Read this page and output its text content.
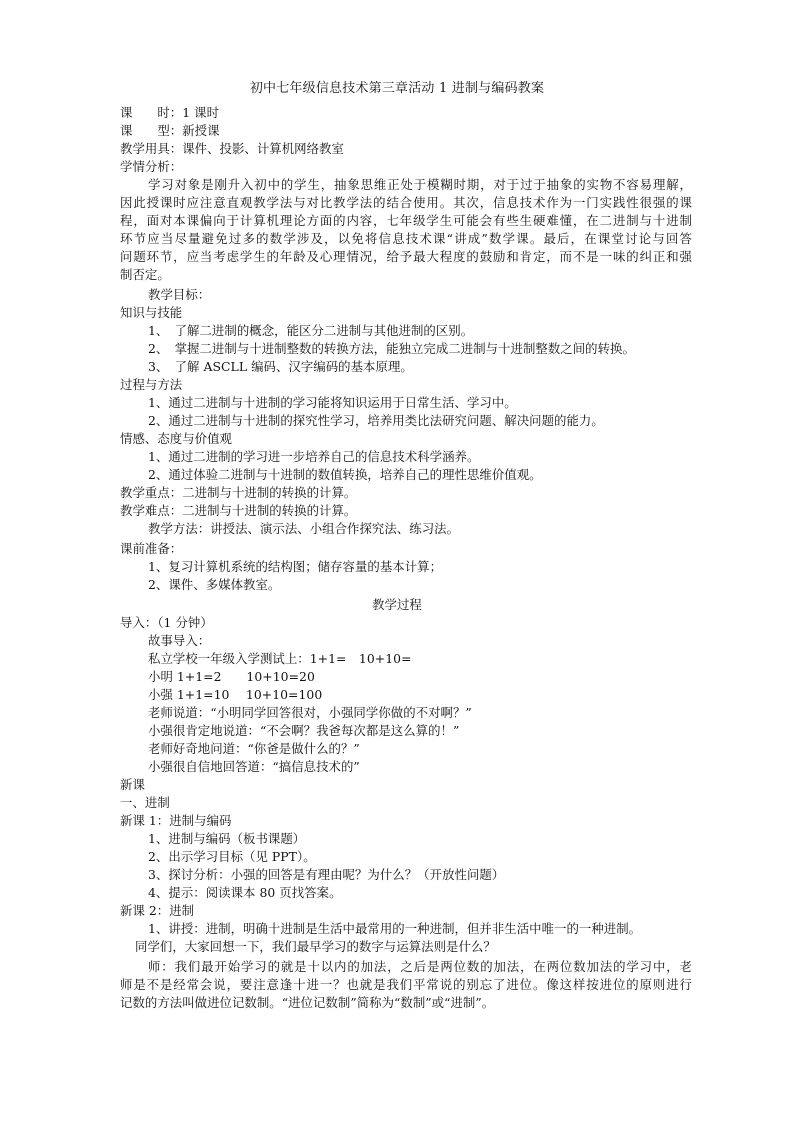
初中七年级信息技术第三章活动 1 进制与编码教案
课　　时：1 课时
课　　型：新授课
教学用具：课件、投影、计算机网络教室
学情分析：
学习对象是刚升入初中的学生，抽象思维正处于模糊时期，对于过于抽象的实物不容易理解，
因此授课时应注意直观教学法与对比教学法的结合使用。其次，信息技术作为一门实践性很强的课
程，面对本课偏向于计算机理论方面的内容，七年级学生可能会有些生硬难懂，在二进制与十进制
环节应当尽量避免过多的数学涉及，以免将信息技术课“讲成”数学课。最后，在课堂讨论与回答
问题环节，应当考虑学生的年龄及心理情况，给予最大程度的鼓励和肯定，而不是一味的纠正和强
制否定。
教学目标：
知识与技能
1、　了解二进制的概念，能区分二进制与其他进制的区别。
2、　掌握二进制与十进制整数的转换方法，能独立完成二进制与十进制整数之间的转换。
3、　了解 ASCLL 编码、汉字编码的基本原理。
过程与方法
1、通过二进制与十进制的学习能将知识运用于日常生活、学习中。
2、通过二进制与十进制的探究性学习，培养用类比法研究问题、解决问题的能力。
情感、态度与价值观
1、通过二进制的学习进一步培养自己的信息技术科学涵养。
2、通过体验二进制与十进制的数值转换，培养自己的理性思维价值观。
教学重点：二进制与十进制的转换的计算。
教学难点：二进制与十进制的转换的计算。
教学方法：讲授法、演示法、小组合作探究法、练习法。
课前准备：
1、复习计算机系统的结构图；储存容量的基本计算；
2、课件、多媒体教室。
教学过程
导入：（1 分钟）
故事导入：
私立学校一年级入学测试上：1+1=　10+10=
小明 1+1=2　　10+10=20
小强 1+1=10　 10+10=100
老师说道：“小明同学回答很对，小强同学你做的不对啊？”
小强很肯定地说道：“不会啊？我爸每次都是这么算的！”
老师好奇地问道：“你爸是做什么的？”
小强很自信地回答道：“搞信息技术的”
新课
一、进制
新课 1：进制与编码
1、进制与编码（板书课题）
2、出示学习目标（见 PPT）。
3、探讨分析：小强的回答是有理由呢？为什么？（开放性问题）
4、提示：阅读课本 80 页找答案。
新课 2：进制
1、讲授：进制，明确十进制是生活中最常用的一种进制，但并非生活中唯一的一种进制。
同学们，大家回想一下，我们最早学习的数字与运算法则是什么？
师：我们最开始学习的就是十以内的加法，之后是两位数的加法，在两位数加法的学习中，老
师是不是经常会说，要注意逢十进一？也就是我们平常说的别忘了进位。像这样按进位的原则进行
记数的方法叫做进位记数制。“进位记数制”简称为“数制”或“进制”。
